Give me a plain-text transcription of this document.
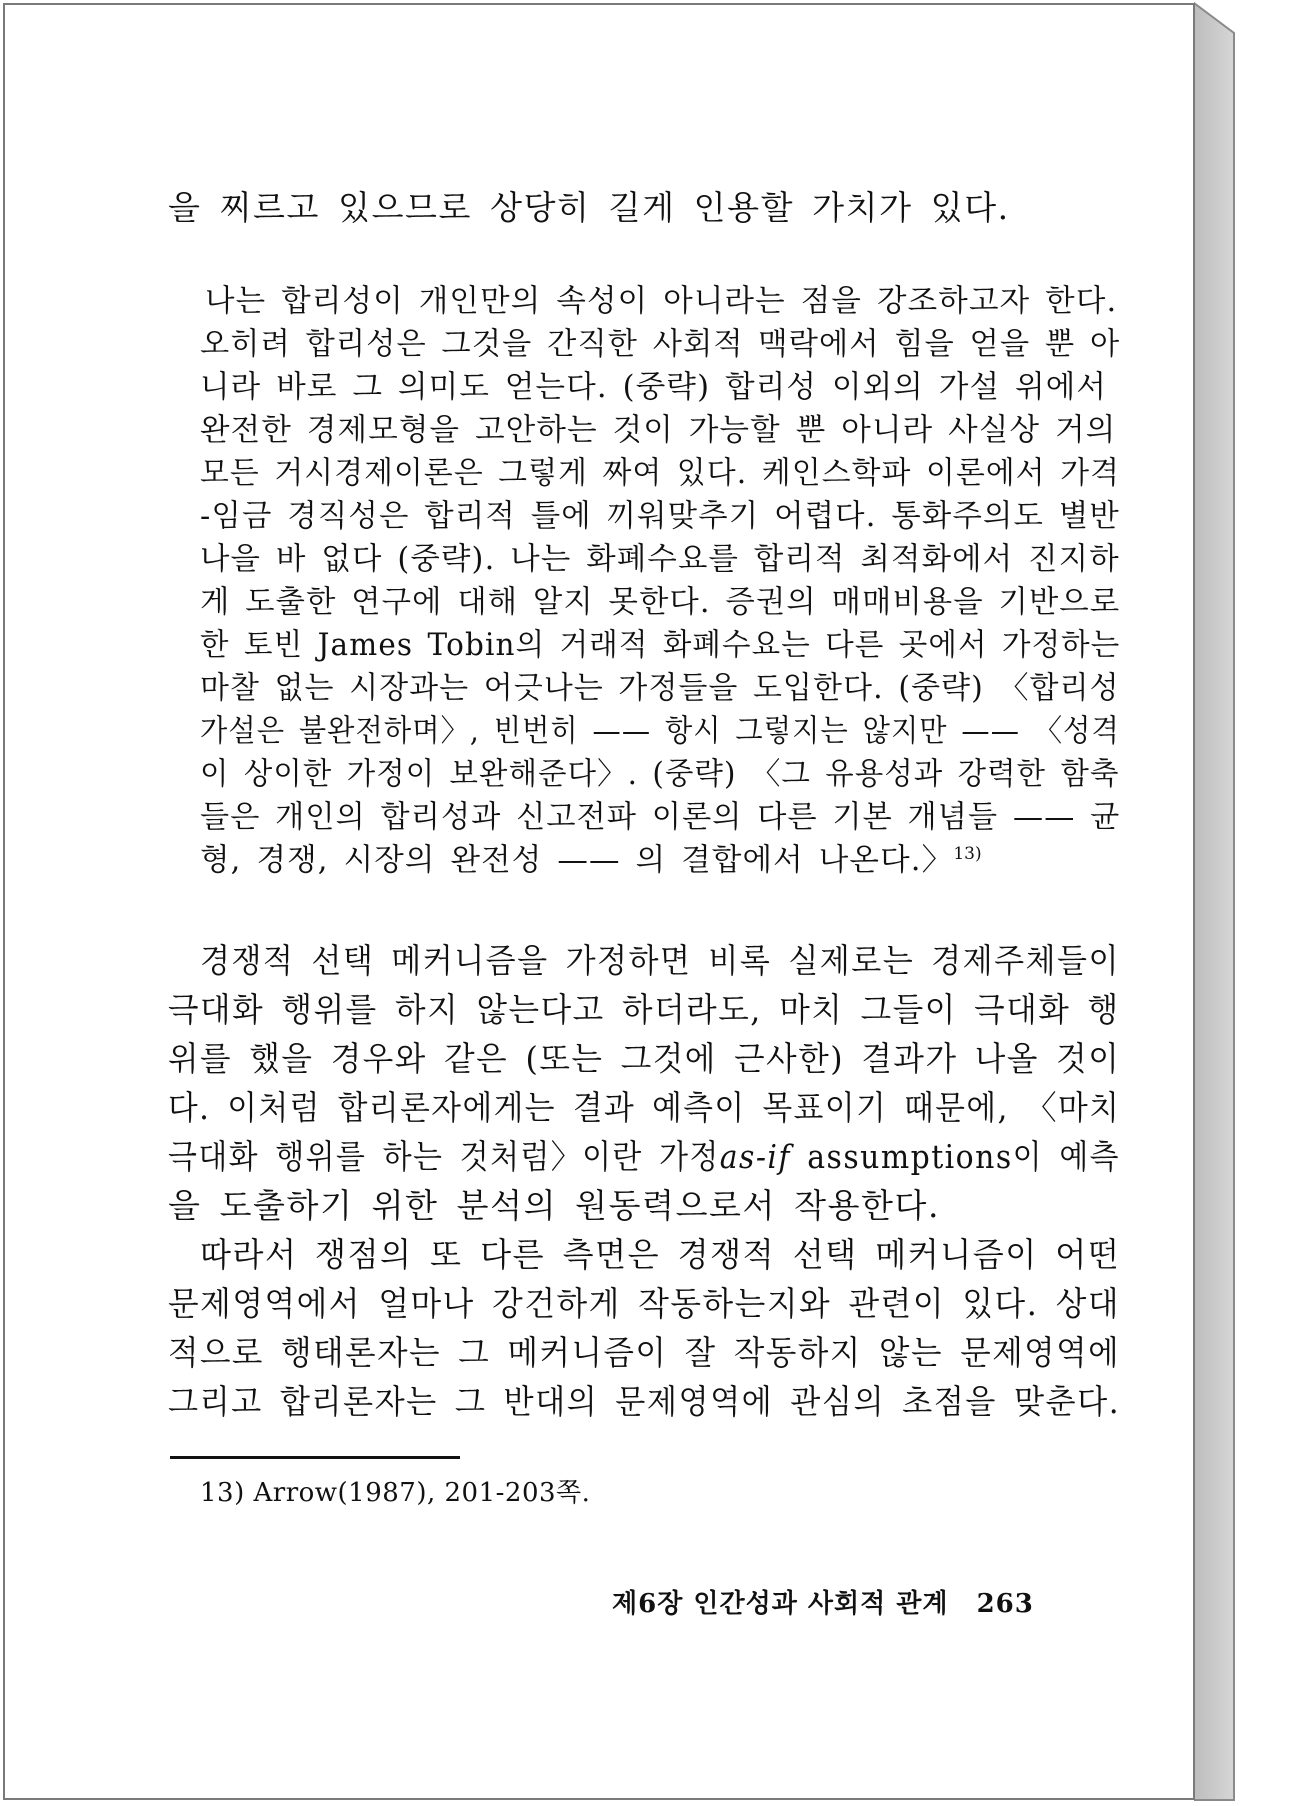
을 찌르고 있으므로 상당히 길게 인용할 가치가 있다.
나는 합리성이 개인만의 속성이 아니라는 점을 강조하고자 한다.
오히려 합리성은 그것을 간직한 사회적 맥락에서 힘을 얻을 뿐 아
니라 바로 그 의미도 얻는다. (중략) 합리성 이외의 가설 위에서
완전한 경제모형을 고안하는 것이 가능할 뿐 아니라 사실상 거의
모든 거시경제이론은 그렇게 짜여 있다. 케인스학파 이론에서 가격
-임금 경직성은 합리적 틀에 끼워맞추기 어렵다. 통화주의도 별반
나을 바 없다 (중략). 나는 화폐수요를 합리적 최적화에서 진지하
게 도출한 연구에 대해 알지 못한다. 증권의 매매비용을 기반으로
한 토빈 James Tobin의 거래적 화폐수요는 다른 곳에서 가정하는
마찰 없는 시장과는 어긋나는 가정들을 도입한다. (중략) 〈합리성
가설은 불완전하며〉, 빈번히 —— 항시 그렇지는 않지만 —— 〈성격
이 상이한 가정이 보완해준다〉. (중략) 〈그 유용성과 강력한 함축
들은 개인의 합리성과 신고전파 이론의 다른 기본 개념들 —— 균
형, 경쟁, 시장의 완전성 —— 의 결합에서 나온다.〉$^{13)}$
경쟁적 선택 메커니즘을 가정하면 비록 실제로는 경제주체들이
극대화 행위를 하지 않는다고 하더라도, 마치 그들이 극대화 행
위를 했을 경우와 같은 (또는 그것에 근사한) 결과가 나올 것이
다. 이처럼 합리론자에게는 결과 예측이 목표이기 때문에, 〈마치
극대화 행위를 하는 것처럼〉이란 가정as-if assumptions이 예측
을 도출하기 위한 분석의 원동력으로서 작용한다.
따라서 쟁점의 또 다른 측면은 경쟁적 선택 메커니즘이 어떤
문제영역에서 얼마나 강건하게 작동하는지와 관련이 있다. 상대
적으로 행태론자는 그 메커니즘이 잘 작동하지 않는 문제영역에
그리고 합리론자는 그 반대의 문제영역에 관심의 초점을 맞춘다.
13) Arrow(1987), 201-203쪽.
제6장 인간성과 사회적 관계 263
